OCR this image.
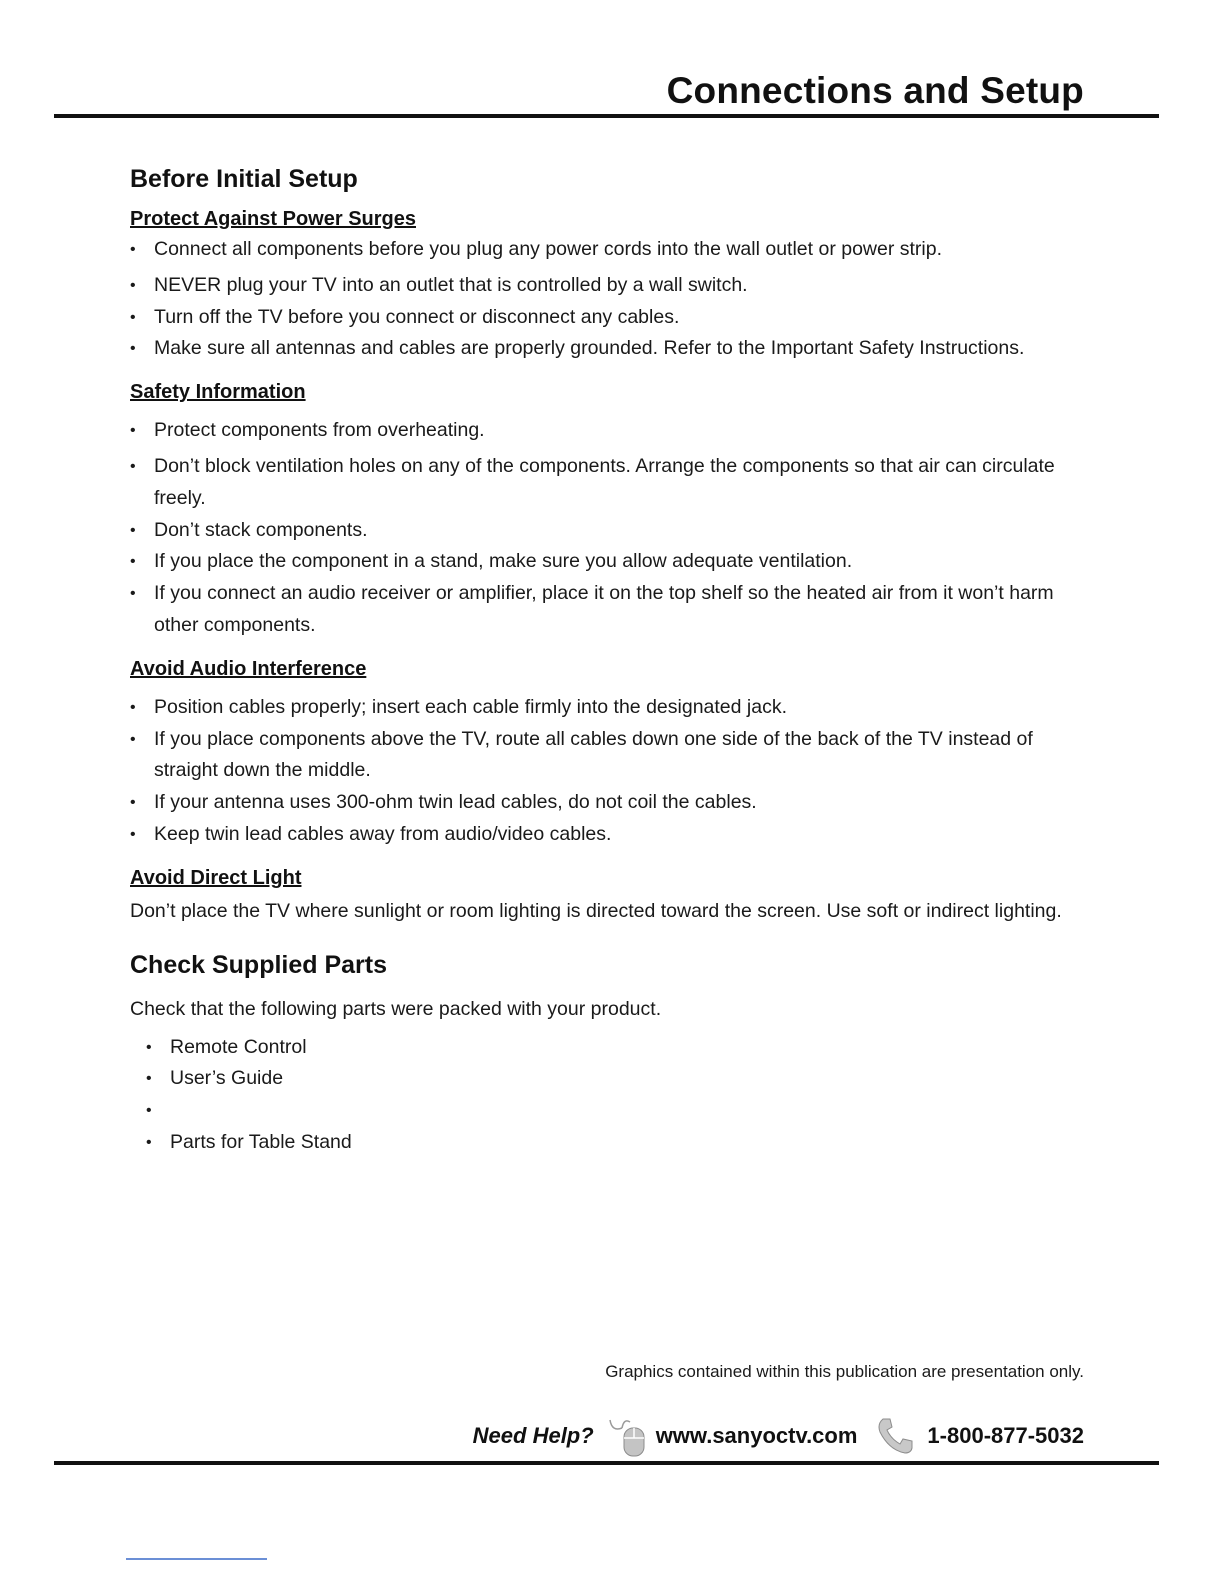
Connections and Setup
Before Initial Setup
Protect Against Power Surges
• Connect all components before you plug any power cords into the wall outlet or power strip.
• NEVER plug your TV into an outlet that is controlled by a wall switch.
• Turn off the TV before you connect or disconnect any cables.
• Make sure all antennas and cables are properly grounded. Refer to the Important Safety Instructions.
Safety Information
• Protect components from overheating.
• Don’t block ventilation holes on any of the components. Arrange the components so that air can circulate freely.
• Don’t stack components.
• If you place the component in a stand, make sure you allow adequate ventilation.
• If you connect an audio receiver or amplifier, place it on the top shelf so the heated air from it won’t harm other components.
Avoid Audio Interference
• Position cables properly; insert each cable firmly into the designated jack.
• If you place components above the TV, route all cables down one side of the back of the TV instead of straight down the middle.
• If your antenna uses 300-ohm twin lead cables, do not coil the cables.
• Keep twin lead cables away from audio/video cables.
Avoid Direct Light

Don’t place the TV where sunlight or room lighting is directed toward the screen. Use soft or indirect lighting.

Check Supplied Parts

Check that the following parts were packed with your product.

• Remote Control
• User’s Guide
•
• Parts for Table Stand
Graphics contained within this publication are presentation only.
Need Help?	www.sanyoctv.com	1-800-877-5032
